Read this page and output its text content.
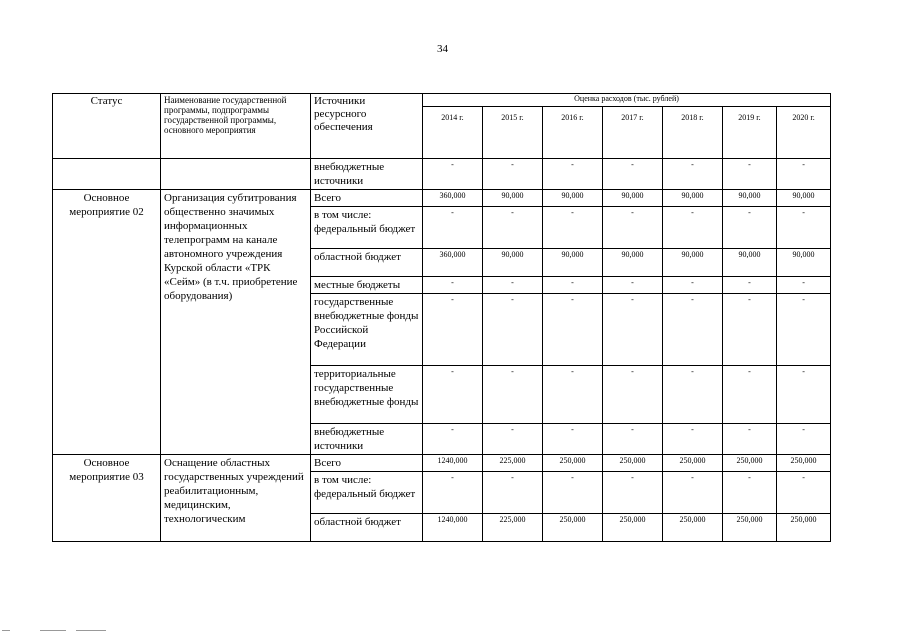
34
Статус	Наименование государственной программы, подпрограммы государственной программы, основного мероприятия	Источники ресурсного обеспечения	Оценка расходов (тыс. рублей)						
			2014 г.	2015 г.	2016 г.	2017 г.	2018 г.	2019 г.	2020 г.
		внебюджетные источники	-	-	-	-	-	-	-
Основное мероприятие 02	Организация субтитрования общественно значимых информационных телепрограмм на канале автономного учреждения Курской области «ТРК «Сейм» (в т.ч. приобретение оборудования)	Всего	360,000	90,000	90,000	90,000	90,000	90,000	90,000
		в том числе: федеральный бюджет	-	-	-	-	-	-	-
		областной бюджет	360,000	90,000	90,000	90,000	90,000	90,000	90,000
		местные бюджеты	-	-	-	-	-	-	-
		государственные внебюджетные фонды Российской Федерации	-	-	-	-	-	-	-
		территориальные государственные внебюджетные фонды	-	-	-	-	-	-	-
		внебюджетные источники	-	-	-	-	-	-	-
Основное мероприятие 03	Оснащение областных государственных учреждений реабилитационным, медицинским, технологическим	Всего	1240,000	225,000	250,000	250,000	250,000	250,000	250,000
		в том числе: федеральный бюджет	-	-	-	-	-	-	-
		областной бюджет	1240,000	225,000	250,000	250,000	250,000	250,000	250,000
